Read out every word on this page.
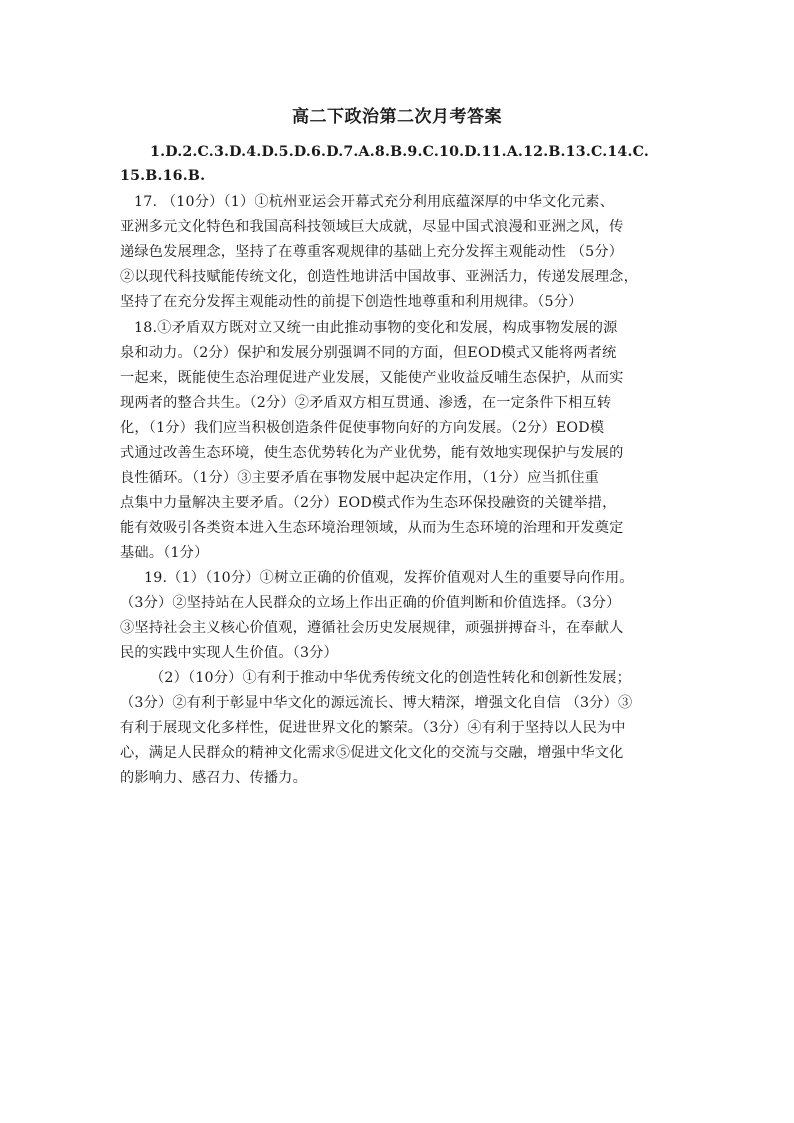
高二下政治第二次月考答案
1.D.2.C.3.D.4.D.5.D.6.D.7.A.8.B.9.C.10.D.11.A.12.B.13.C.14.C.
15.B.16.B.
17. （10分）（1）①杭州亚运会开幕式充分利用底蕴深厚的中华文化元素、
亚洲多元文化特色和我国高科技领域巨大成就，尽显中国式浪漫和亚洲之风，传
递绿色发展理念，坚持了在尊重客观规律的基础上充分发挥主观能动性 （5分）
②以现代科技赋能传统文化，创造性地讲活中国故事、亚洲活力，传递发展理念，
坚持了在充分发挥主观能动性的前提下创造性地尊重和利用规律。（5分）
18.①矛盾双方既对立又统一由此推动事物的变化和发展，构成事物发展的源
泉和动力。（2分）保护和发展分别强调不同的方面，但EOD模式又能将两者统
一起来，既能使生态治理促进产业发展，又能使产业收益反哺生态保护，从而实
现两者的整合共生。（2分）②矛盾双方相互贯通、渗透，在一定条件下相互转
化，（1分）我们应当积极创造条件促使事物向好的方向发展。（2分）EOD模
式通过改善生态环境，使生态优势转化为产业优势，能有效地实现保护与发展的
良性循环。（1分）③主要矛盾在事物发展中起决定作用，（1分）应当抓住重
点集中力量解决主要矛盾。（2分）EOD模式作为生态环保投融资的关键举措，
能有效吸引各类资本进入生态环境治理领域，从而为生态环境的治理和开发奠定
基础。（1分）
19.（1）（10分）①树立正确的价值观，发挥价值观对人生的重要导向作用。
（3分）②坚持站在人民群众的立场上作出正确的价值判断和价值选择。（3分）
③坚持社会主义核心价值观，遵循社会历史发展规律，顽强拼搏奋斗，在奉献人
民的实践中实现人生价值。（3分）
（2）（10分）①有利于推动中华优秀传统文化的创造性转化和创新性发展；
（3分）②有利于彰显中华文化的源远流长、博大精深，增强文化自信 （3分）③
有利于展现文化多样性，促进世界文化的繁荣。（3分）④有利于坚持以人民为中
心，满足人民群众的精神文化需求⑤促进文化文化的交流与交融，增强中华文化
的影响力、感召力、传播力。
